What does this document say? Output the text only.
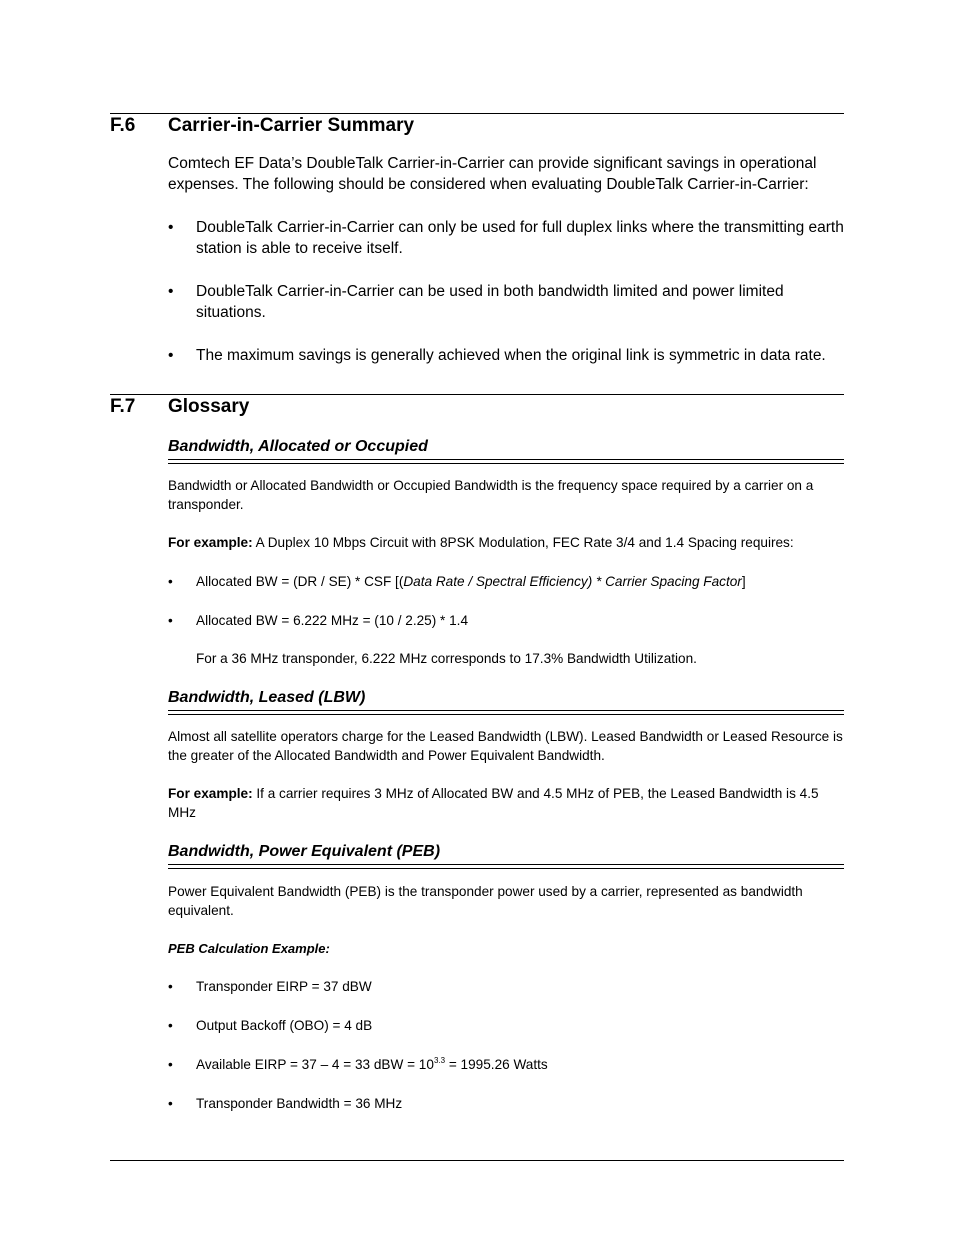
F.6 Carrier-in-Carrier Summary
Comtech EF Data’s DoubleTalk Carrier-in-Carrier can provide significant savings in operational expenses. The following should be considered when evaluating DoubleTalk Carrier-in-Carrier:
• DoubleTalk Carrier-in-Carrier can only be used for full duplex links where the transmitting earth station is able to receive itself.
• DoubleTalk Carrier-in-Carrier can be used in both bandwidth limited and power limited situations.
• The maximum savings is generally achieved when the original link is symmetric in data rate.
F.7 Glossary
Bandwidth, Allocated or Occupied
Bandwidth or Allocated Bandwidth or Occupied Bandwidth is the frequency space required by a carrier on a transponder.
For example: A Duplex 10 Mbps Circuit with 8PSK Modulation, FEC Rate 3/4 and 1.4 Spacing requires:
• Allocated BW = (DR / SE) * CSF [(Data Rate / Spectral Efficiency) * Carrier Spacing Factor]
• Allocated BW = 6.222 MHz = (10 / 2.25) * 1.4
For a 36 MHz transponder, 6.222 MHz corresponds to 17.3% Bandwidth Utilization.
Bandwidth, Leased (LBW)
Almost all satellite operators charge for the Leased Bandwidth (LBW). Leased Bandwidth or Leased Resource is the greater of the Allocated Bandwidth and Power Equivalent Bandwidth.
For example: If a carrier requires 3 MHz of Allocated BW and 4.5 MHz of PEB, the Leased Bandwidth is 4.5 MHz
Bandwidth, Power Equivalent (PEB)
Power Equivalent Bandwidth (PEB) is the transponder power used by a carrier, represented as bandwidth equivalent.
PEB Calculation Example:
• Transponder EIRP = 37 dBW
• Output Backoff (OBO) = 4 dB
• Available EIRP = 37 – 4 = 33 dBW = $10^{3.3} = 1995.26$ Watts
• Transponder Bandwidth = 36 MHz
